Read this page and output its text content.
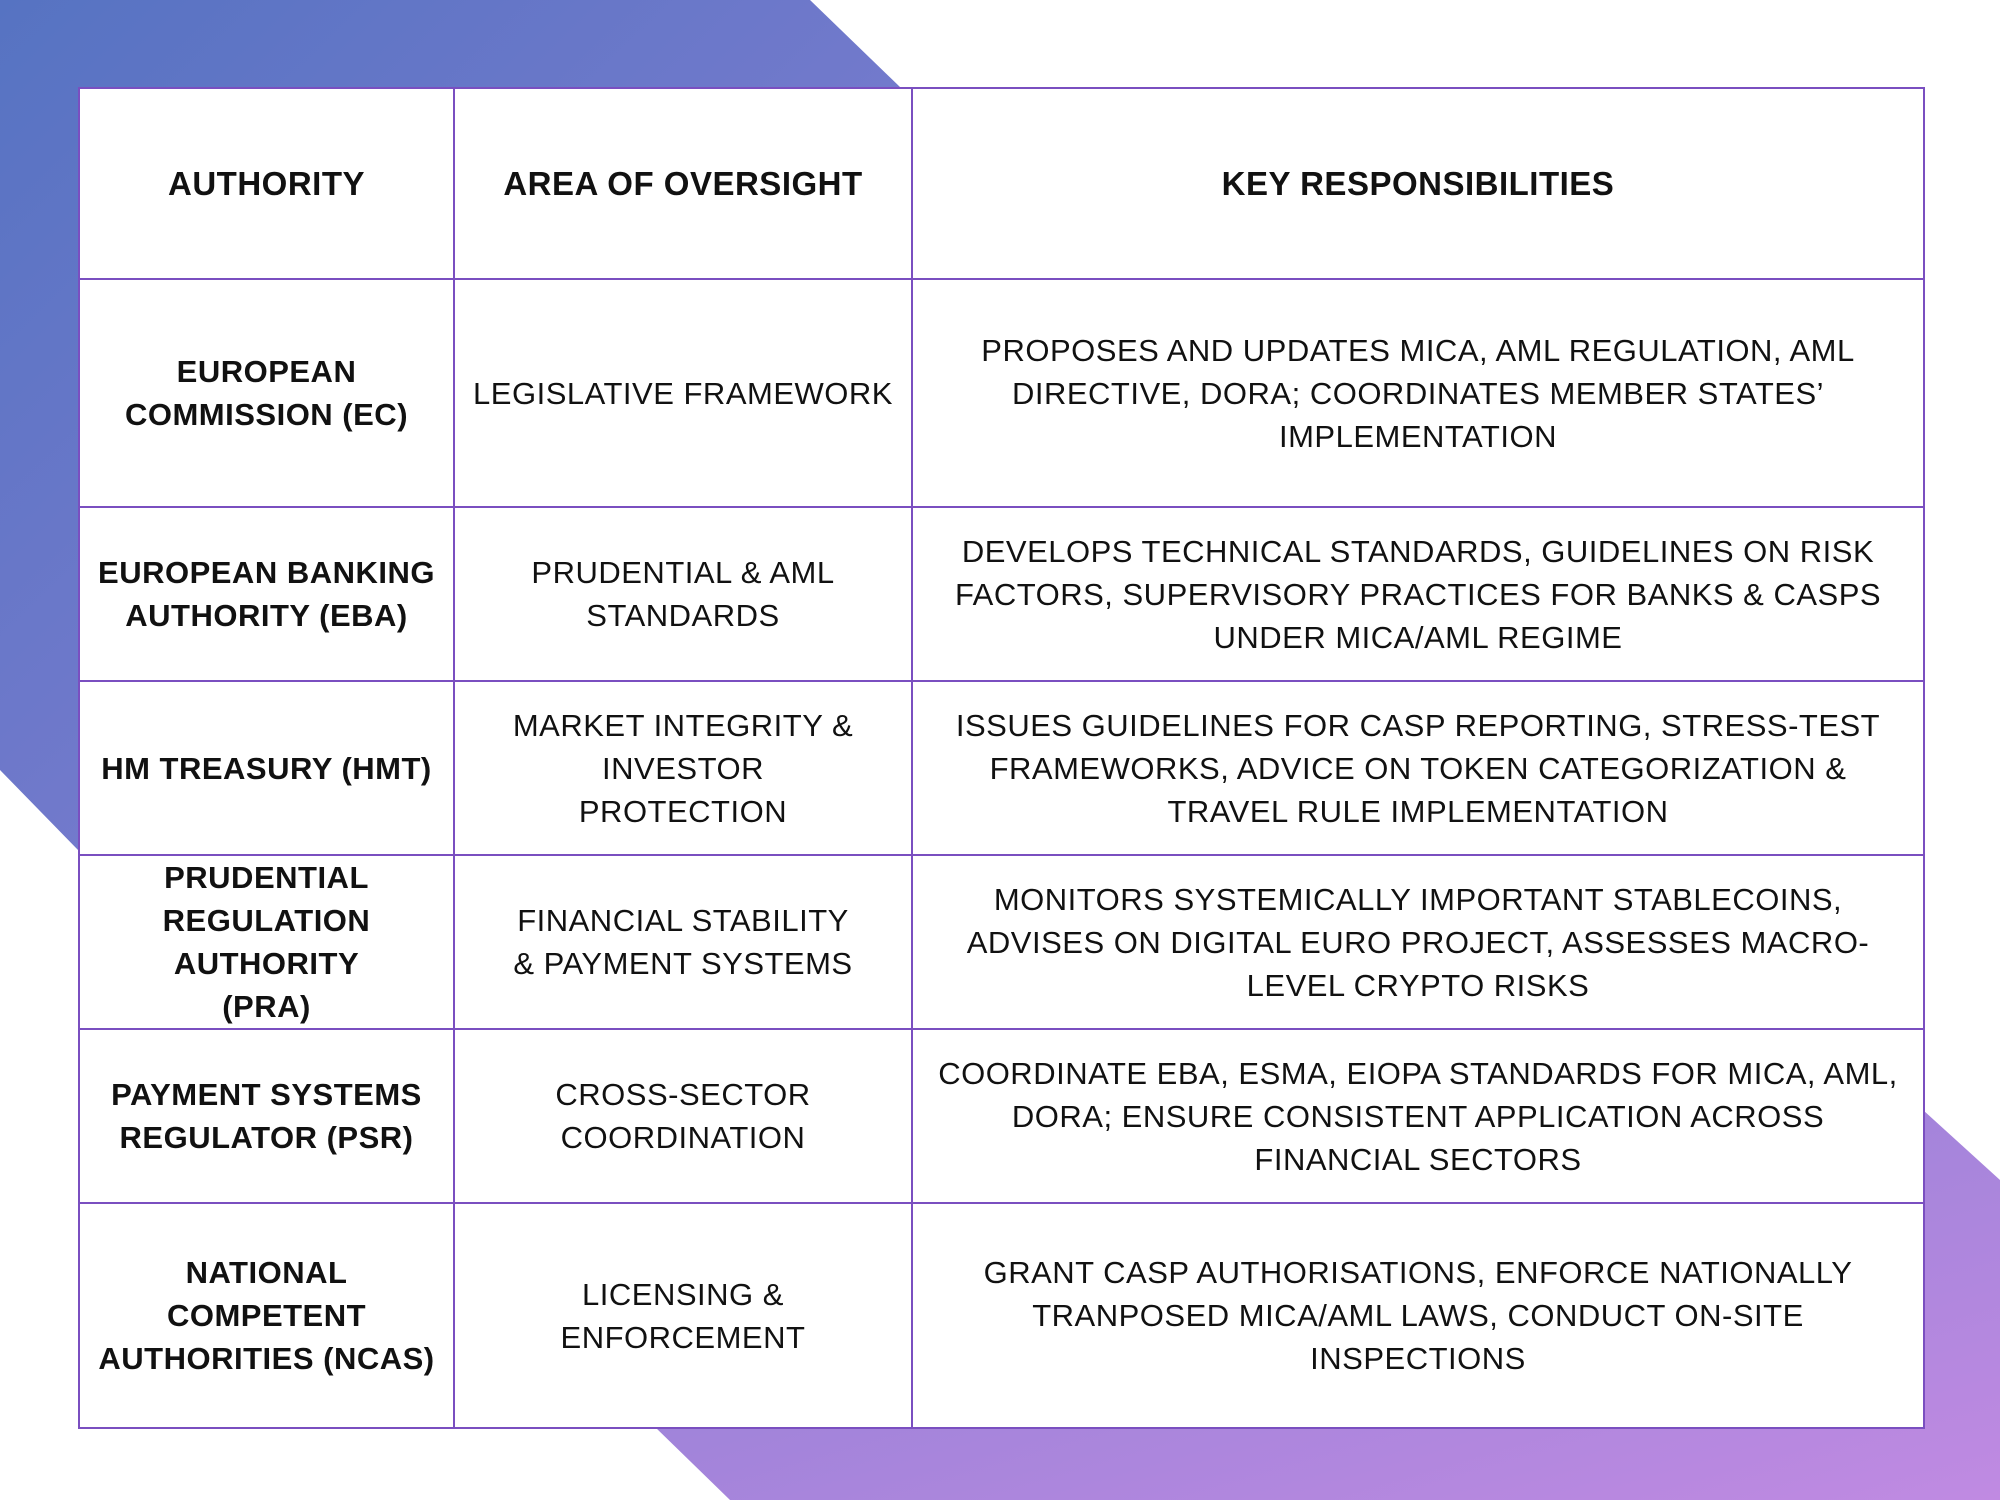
AUTHORITY	AREA OF OVERSIGHT	KEY RESPONSIBILITIES
EUROPEAN COMMISSION (EC)	LEGISLATIVE FRAMEWORK	PROPOSES AND UPDATES MICA, AML REGULATION, AML DIRECTIVE, DORA; COORDINATES MEMBER STATES’ IMPLEMENTATION
EUROPEAN BANKING AUTHORITY (EBA)	PRUDENTIAL & AML STANDARDS	DEVELOPS TECHNICAL STANDARDS, GUIDELINES ON RISK FACTORS, SUPERVISORY PRACTICES FOR BANKS & CASPS UNDER MICA/AML REGIME
HM TREASURY (HMT)	MARKET INTEGRITY & INVESTOR PROTECTION	ISSUES GUIDELINES FOR CASP REPORTING, STRESS-TEST FRAMEWORKS, ADVICE ON TOKEN CATEGORIZATION & TRAVEL RULE IMPLEMENTATION
PRUDENTIAL REGULATION AUTHORITY (PRA)	FINANCIAL STABILITY & PAYMENT SYSTEMS	MONITORS SYSTEMICALLY IMPORTANT STABLECOINS, ADVISES ON DIGITAL EURO PROJECT, ASSESSES MACRO-LEVEL CRYPTO RISKS
PAYMENT SYSTEMS REGULATOR (PSR)	CROSS-SECTOR COORDINATION	COORDINATE EBA, ESMA, EIOPA STANDARDS FOR MICA, AML, DORA; ENSURE CONSISTENT APPLICATION ACROSS FINANCIAL SECTORS
NATIONAL COMPETENT AUTHORITIES (NCAS)	LICENSING & ENFORCEMENT	GRANT CASP AUTHORISATIONS, ENFORCE NATIONALLY TRANPOSED MICA/AML LAWS, CONDUCT ON-SITE INSPECTIONS
